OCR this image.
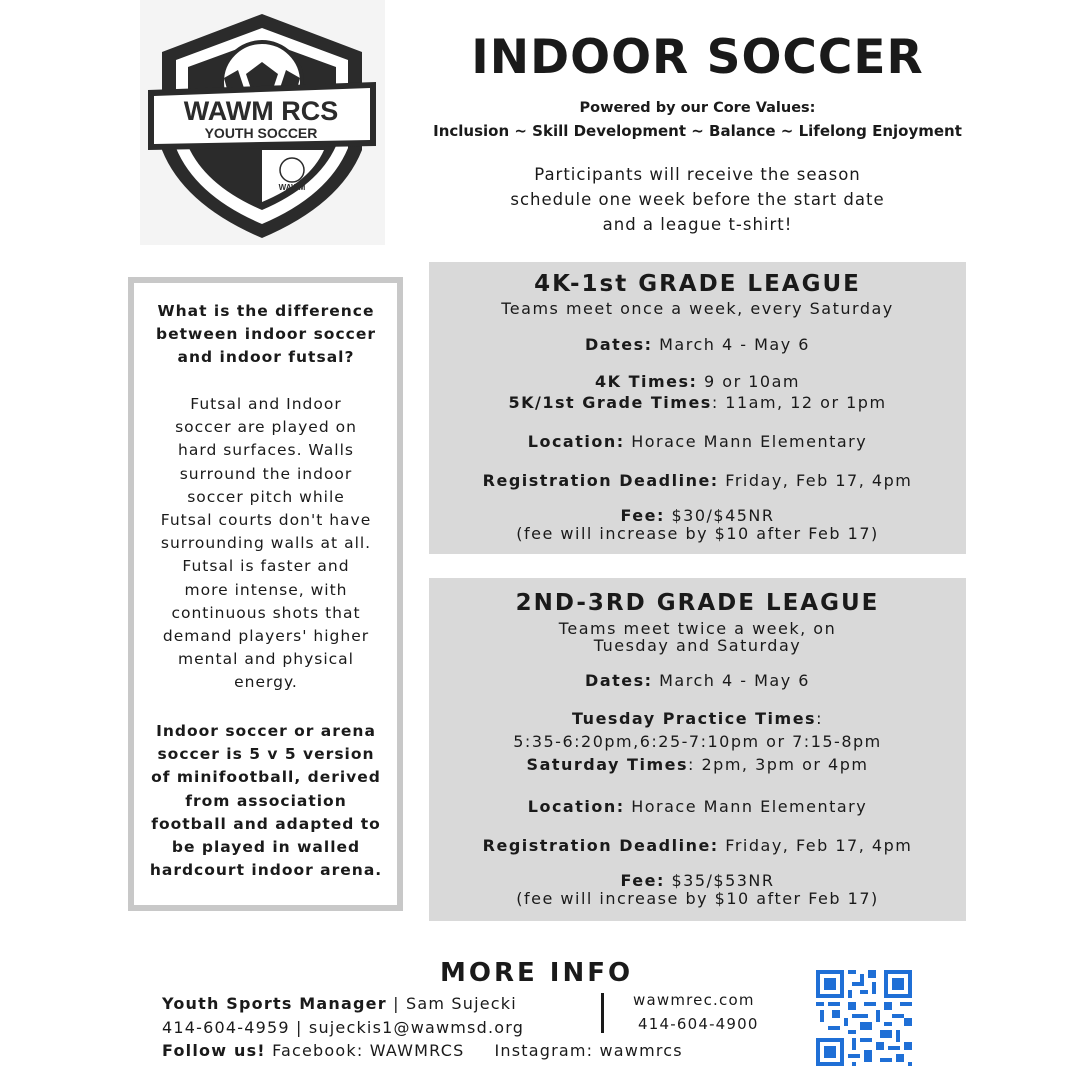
WAWM RCS
YOUTH SOCCER
WAWM
INDOOR SOCCER
Powered by our Core Values:
Inclusion ~ Skill Development ~ Balance ~ Lifelong Enjoyment
Participants will receive the season
schedule one week before the start date
and a league t-shirt!
What is the difference
between indoor soccer
and indoor futsal?
Futsal and Indoor
soccer are played on
hard surfaces. Walls
surround the indoor
soccer pitch while
Futsal courts don't have
surrounding walls at all.
Futsal is faster and
more intense, with
continuous shots that
demand players' higher
mental and physical
energy.
Indoor soccer or arena
soccer is 5 v 5 version
of minifootball, derived
from association
football and adapted to
be played in walled
hardcourt indoor arena.
4K-1st GRADE LEAGUE
Teams meet once a week, every Saturday
Dates: March 4 - May 6
4K Times: 9 or 10am
5K/1st Grade Times: 11am, 12 or 1pm
Location: Horace Mann Elementary
Registration Deadline: Friday, Feb 17, 4pm
Fee: $30/$45NR
(fee will increase by $10 after Feb 17)
2ND-3RD GRADE LEAGUE
Teams meet twice a week, on
Tuesday and Saturday
Dates: March 4 - May 6
Tuesday Practice Times:
5:35-6:20pm,6:25-7:10pm or 7:15-8pm
Saturday Times: 2pm, 3pm or 4pm
Location: Horace Mann Elementary
Registration Deadline: Friday, Feb 17, 4pm
Fee: $35/$53NR
(fee will increase by $10 after Feb 17)
MORE INFO
Youth Sports Manager | Sam Sujecki
414-604-4959 | sujeckis1@wawmsd.org
Follow us! Facebook: WAWMRCS Instagram: wawmrcs
wawmrec.com
414-604-4900
